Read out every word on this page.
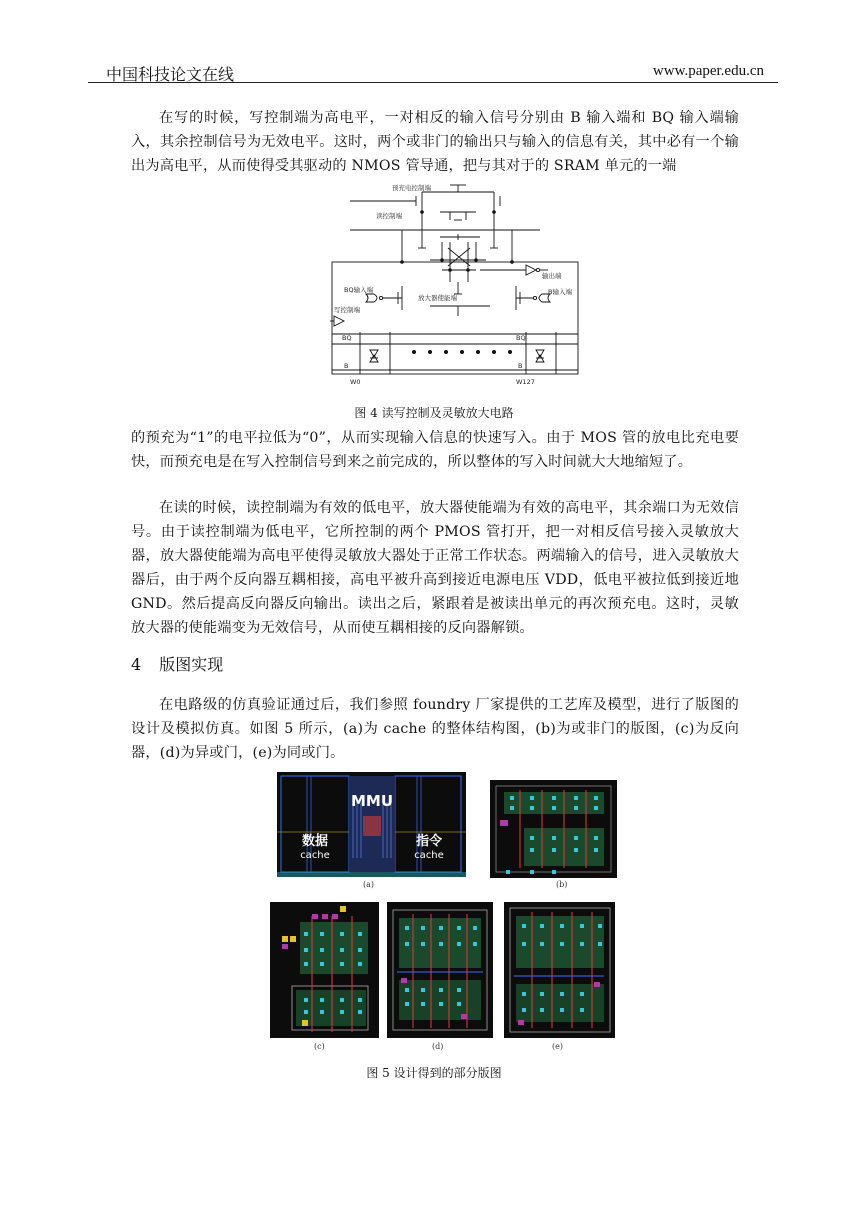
中国科技论文在线	www.paper.edu.cn
在写的时候，写控制端为高电平，一对相反的输入信号分别由 B 输入端和 BQ 输入端输入，其余控制信号为无效电平。这时，两个或非门的输出只与输入的信息有关，其中必有一个输出为高电平，从而使得受其驱动的 NMOS 管导通，把与其对于的 SRAM 单元的一端
预充电控制端
读控制端
输出端
BQ输入端	B输入端
放大器使能端
写控制端
BQ	BQ
B	B
W0	W127
图 4 读写控制及灵敏放大电路
的预充为“1”的电平拉低为“0”，从而实现输入信息的快速写入。由于 MOS 管的放电比充电要快，而预充电是在写入控制信号到来之前完成的，所以整体的写入时间就大大地缩短了。
在读的时候，读控制端为有效的低电平，放大器使能端为有效的高电平，其余端口为无效信号。由于读控制端为低电平，它所控制的两个 PMOS 管打开，把一对相反信号接入灵敏放大器，放大器使能端为高电平使得灵敏放大器处于正常工作状态。两端输入的信号，进入灵敏放大器后，由于两个反向器互耦相接，高电平被升高到接近电源电压 VDD，低电平被拉低到接近地 GND。然后提高反向器反向输出。读出之后，紧跟着是被读出单元的再次预充电。这时，灵敏放大器的使能端变为无效信号，从而使互耦相接的反向器解锁。
4 版图实现
在电路级的仿真验证通过后，我们参照 foundry 厂家提供的工艺库及模型，进行了版图的设计及模拟仿真。如图 5 所示，(a)为 cache 的整体结构图，(b)为或非门的版图，(c)为反向器，(d)为异或门，(e)为同或门。
MMU
数据
cache
指令
cache
(a)	(b)
(c)	(d)	(e)
图 5 设计得到的部分版图
